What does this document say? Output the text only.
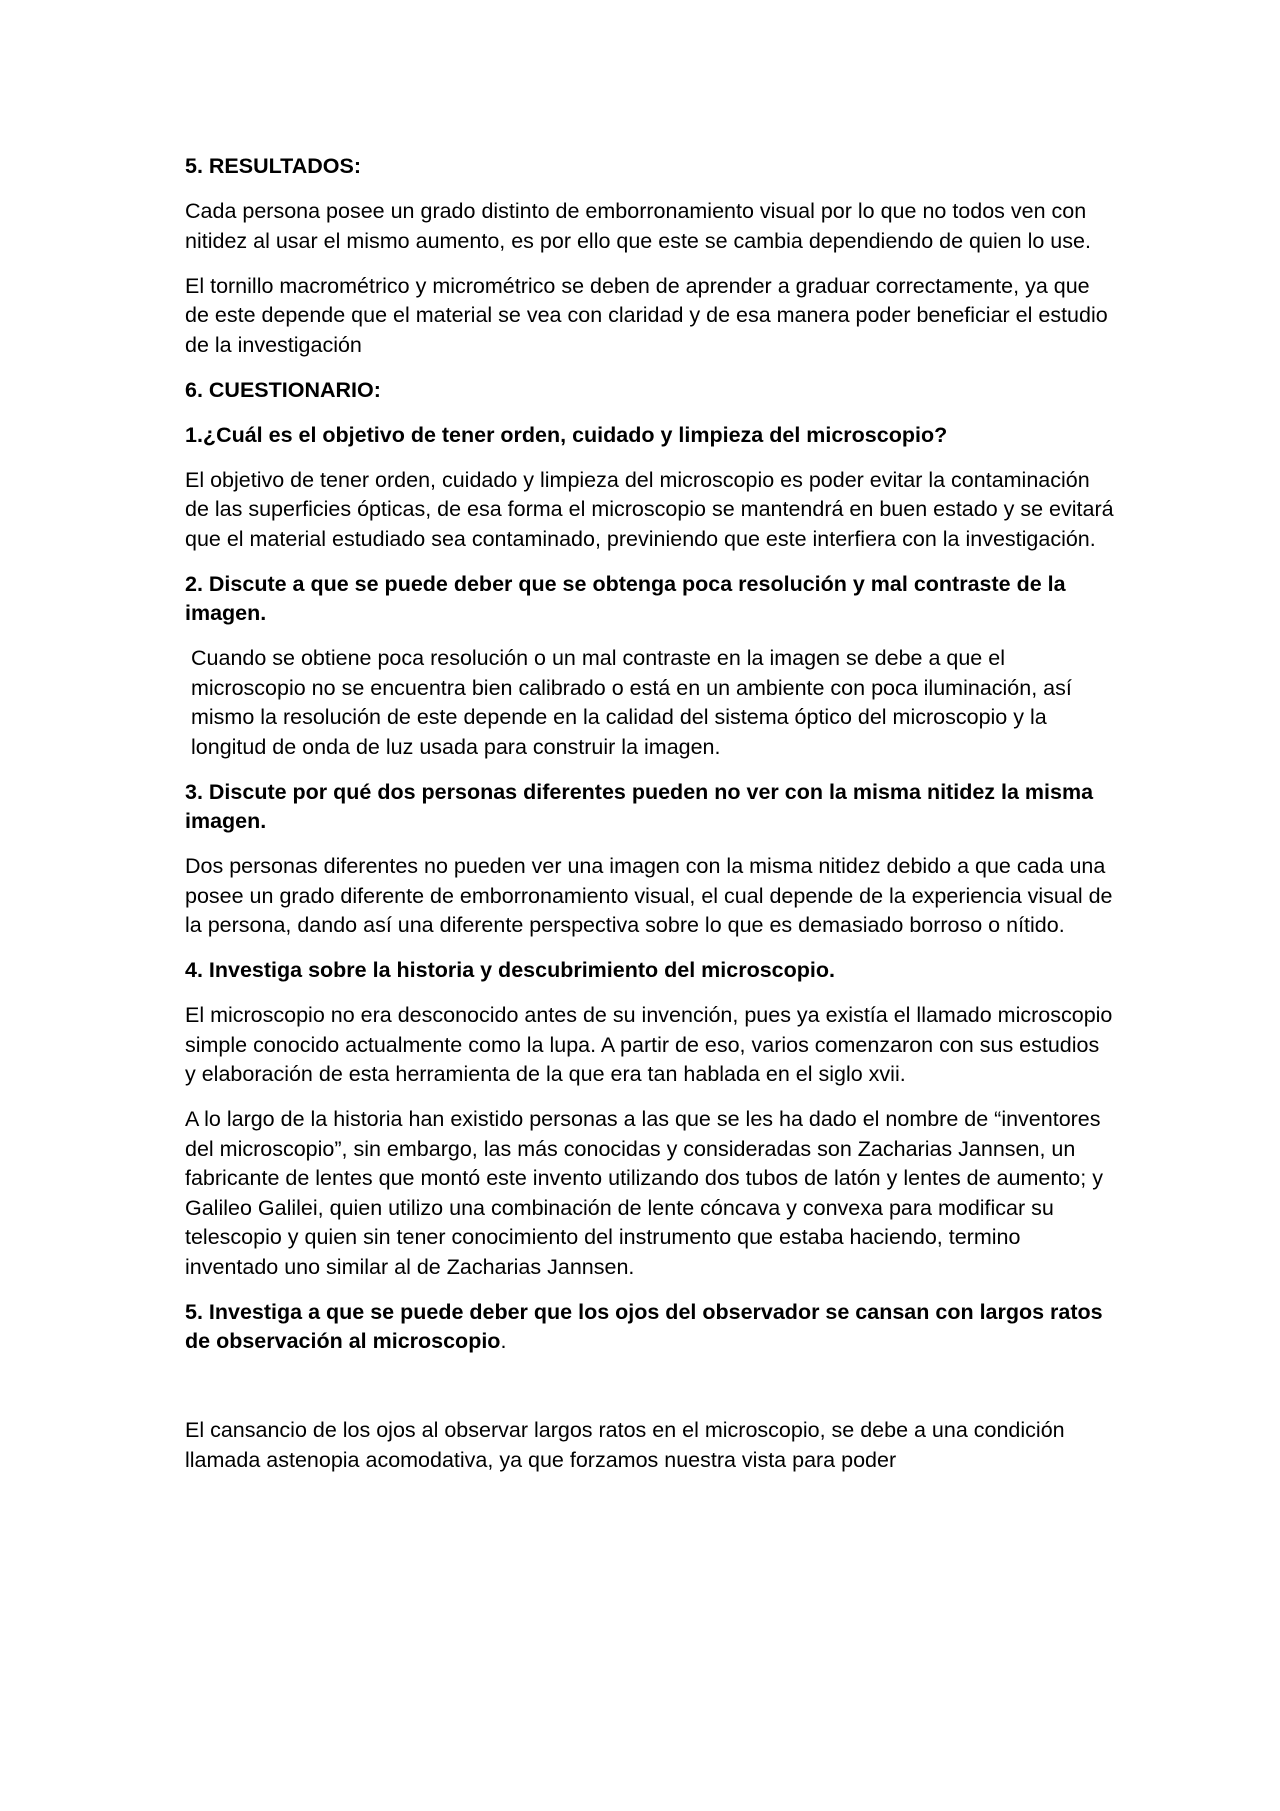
5. RESULTADOS:

Cada persona posee un grado distinto de emborronamiento visual por lo que no todos ven con nitidez al usar el mismo aumento, es por ello que este se cambia dependiendo de quien lo use.

El tornillo macrométrico y micrométrico se deben de aprender a graduar correctamente, ya que de este depende que el material se vea con claridad y de esa manera poder beneficiar el estudio de la investigación

6. CUESTIONARIO:
1.¿Cuál es el objetivo de tener orden, cuidado y limpieza del microscopio?

El objetivo de tener orden, cuidado y limpieza del microscopio es poder evitar la contaminación de las superficies ópticas, de esa forma el microscopio se mantendrá en buen estado y se evitará que el material estudiado sea contaminado, previniendo que este interfiera con la investigación.

2. Discute a que se puede deber que se obtenga poca resolución y mal contraste de la imagen.

Cuando se obtiene poca resolución o un mal contraste en la imagen se debe a que el microscopio no se encuentra bien calibrado o está en un ambiente con poca iluminación, así mismo la resolución de este depende en la calidad del sistema óptico del microscopio y la longitud de onda de luz usada para construir la imagen.

3. Discute por qué dos personas diferentes pueden no ver con la misma nitidez la misma imagen.

Dos personas diferentes no pueden ver una imagen con la misma nitidez debido a que cada una posee un grado diferente de emborronamiento visual, el cual depende de la experiencia visual de la persona, dando así una diferente perspectiva sobre lo que es demasiado borroso o nítido.

4. Investiga sobre la historia y descubrimiento del microscopio.

El microscopio no era desconocido antes de su invención, pues ya existía el llamado microscopio simple conocido actualmente como la lupa. A partir de eso, varios comenzaron con sus estudios y elaboración de esta herramienta de la que era tan hablada en el siglo xvii.

A lo largo de la historia han existido personas a las que se les ha dado el nombre de “inventores del microscopio”, sin embargo, las más conocidas y consideradas son Zacharias Jannsen, un fabricante de lentes que montó este invento utilizando dos tubos de latón y lentes de aumento; y Galileo Galilei, quien utilizo una combinación de lente cóncava y convexa para modificar su telescopio y quien sin tener conocimiento del instrumento que estaba haciendo, termino inventado uno similar al de Zacharias Jannsen.

5. Investiga a que se puede deber que los ojos del observador se cansan con largos ratos de observación al microscopio.

El cansancio de los ojos al observar largos ratos en el microscopio, se debe a una condición llamada astenopia acomodativa, ya que forzamos nuestra vista para poder
